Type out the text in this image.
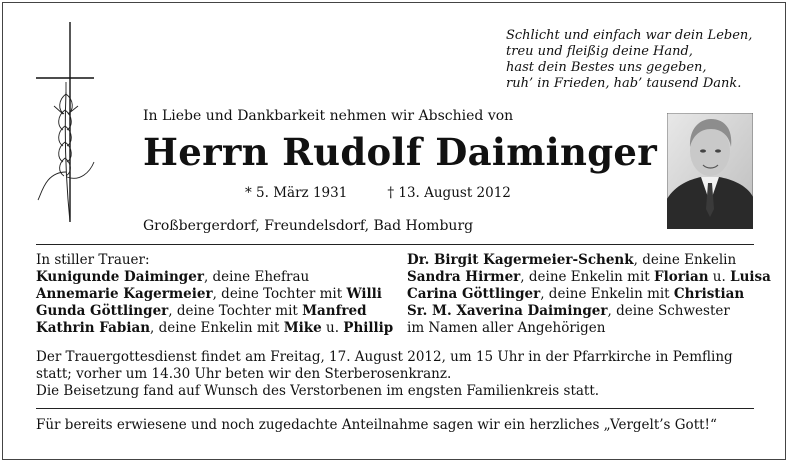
Schlicht und einfach war dein Leben,
treu und fleißig deine Hand,
hast dein Bestes uns gegeben,
ruh’ in Frieden, hab’ tausend Dank.
In Liebe und Dankbarkeit nehmen wir Abschied von
Herrn Rudolf Daiminger
* 5. März 1931	† 13. August 2012
Großbergerdorf, Freundelsdorf, Bad Homburg
In stiller Trauer:
Kunigunde Daiminger, deine Ehefrau
Annemarie Kagermeier, deine Tochter mit Willi
Gunda Göttlinger, deine Tochter mit Manfred
Kathrin Fabian, deine Enkelin mit Mike u. Phillip
Dr. Birgit Kagermeier-Schenk, deine Enkelin
Sandra Hirmer, deine Enkelin mit Florian u. Luisa
Carina Göttlinger, deine Enkelin mit Christian
Sr. M. Xaverina Daiminger, deine Schwester
im Namen aller Angehörigen
Der Trauergottesdienst findet am Freitag, 17. August 2012, um 15 Uhr in der Pfarrkirche in Pemfling
statt; vorher um 14.30 Uhr beten wir den Sterberosenkranz.
Die Beisetzung fand auf Wunsch des Verstorbenen im engsten Familienkreis statt.
Für bereits erwiesene und noch zugedachte Anteilnahme sagen wir ein herzliches „Vergelt’s Gott!“
